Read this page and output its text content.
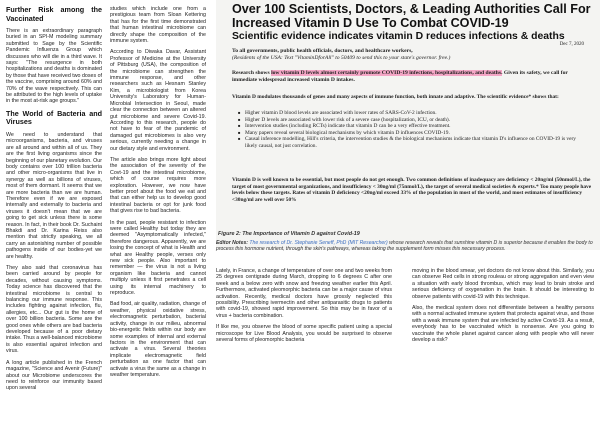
Further Risk among the Vaccinated

There is an extraordinary paragraph buried in an SPI-M modeling summary submitted to Sage by the Scientific Pandemic Influenza Group which discusses who will die in a third wave. It says: "The resurgence in both hospitalizations and deaths is dominated by those that have received two doses of the vaccine, comprising around 60% and 70% of the wave respectively. This can be attributed to the high levels of uptake in the most at-risk age groups."

The World of Bacteria and Viruses

We need to understand that microorganisms, bacteria, and viruses are all around and within all of us. They are the first living organisms since the beginning of our planetary evolution. Our body contains over 100 trillion bacteria and other micro-organisms that live in synergy as well as billions of viruses, most of them dormant. It seems that we are more bacteria than we are human. Therefore even if we are exposed internally and externally to bacteria and viruses it doesn't mean that we are going to get sick unless there is some reason. In fact, in their book Dr. Suchaint Bhakdi and Dr. Karina Reiss also mention that strictly speaking, we all carry an astonishing number of possible pathogens inside of our bodies-yet we are healthy.

They also said that coronavirus has been carried around by people for decades, without causing symptoms. Today science has discovered that the intestinal microbiome is central to balancing our immune response. This includes fighting against infection, flu, allergies, etc... Our gut is the home of over 100 billion bacteria. Some are the good ones while others are bad bacteria developed because of a poor dietary intake. Thus a well-balanced microbiome is also essential against infection and virus.

A long article published in the French magazine, "Science and Avenir (Future)" about our Microbiome underscores the need to reinforce our immunity based upon several

studies which include one from a prestigious team from Sloan Kettering that has for the first time demonstrated that human intestinal microbiome can directly shape the composition of the immune system.

According to Diwaka Davar, Assistant Professor of Medicine at the University of Pittsburg (USA), the composition of the microbiome can strengthen the immune response, and other researchers such as Hesnam Stanley Kim, a microbiologist from Korea University's Laboratory for Human-Microbial Intersection in Seoul, made clear the connection between an altered gut microbiome and severe Covid-19. According to this research, people do not have to fear of the pandemic of damaged gut microbiomes is also very serious, currently needing a change in our dietary style and environment.

The article also brings more light about the association of the severity of the Covt-19 and the intestinal microbiome, which of course requires more exploration. However, we now have better proof about the food we eat and that can either help us to develop good intestinal bacteria or opt for junk food that gives rise to bad bacteria.

In the past, people resistant to infection were called Healthy but today they are deemed "Asymptomatically infected," therefore dangerous. Apparently, we are losing the concept of what is Health and what are Healthy people, verses only new sick people. Also important to remember — the virus is not a living organism like bacteria and cannot multiply unless it first penetrates a cell using its internal machinery to reproduce.

Bad food, air quality, radiation, change of weather, physical oxidative stress, electromagnetic perturbation, bacterial activity, change in our milieu, abnormal bio-energetic fields within our body are some examples of internal and external factors in the environment that can activate a virus. Several theories implicate electromagnetic field perturbation as one factor that can activate a virus the same as a change in weather temperature.

Over 100 Scientists, Doctors, & Leading Authorities Call For Increased Vitamin D Use To Combat COVID-19
Scientific evidence indicates vitamin D reduces infections & deaths
Dec 7, 2020
To all governments, public health officials, doctors, and healthcare workers,
(Residents of the USA: Text "VitaminDforAll" to 50409 to send this to your state's governor. free.)
Research shows low vitamin D levels almost certainly promote COVID-19 infections, hospitalizations, and deaths. Given its safety, we call for immediate widespread increased vitamin D intakes.
Vitamin D modulates thousands of genes and many aspects of immune function, both innate and adaptive. The scientific evidence* shows that:
■ Higher vitamin D blood levels are associated with lower rates of SARS-CoV-2 infection.
■ Higher D levels are associated with lower risk of a severe case (hospitalization, ICU, or death).
■ Intervention studies (including RCTs) indicate that vitamin D can be a very effective treatment.
■ Many papers reveal several biological mechanisms by which vitamin D influences COVID-19.
■ Causal inference modelling, Hill's criteria, the intervention studies & the biological mechanisms indicate that vitamin D's influence on COVID-19 is very likely causal, not just correlation.
Vitamin D is well known to be essential, but most people do not get enough. Two common definitions of inadequacy are deficiency < 20ng/ml (50nmol/L), the target of most governmental organizations, and insufficiency < 30ng/ml (75nmol/L), the target of several medical societies & experts.* Too many people have levels below these targets. Rates of vitamin D deficiency <20ng/ml exceed 33% of the population in most of the world, and most estimates of insufficiency <30ng/ml are well over 50%
Figure 2: The Importance of Vitamin D against Covid-19
Editor Notes: The research of Dr. Stephanie Seneff, PhD (MIT Researcher) whose research reveals that sunshine vitamin D is superior because it enables the body to process this hormone nutrient, through the skin's pathways, whereas taking the supplement form misses this necessary process.

Lately, in France, a change of temperature of over one and two weeks from 25 degrees centigrade during March, dropping to 6 degrees C after one week and a below zero with snow and freezing weather earlier this April. Furthermore, activated pleomorphic bacteria can be a major cause of virus activation. Recently, medical doctors have grossly neglected this possibility. Prescribing ivermectin and other antiparasitic drugs to patients with covid-19, showed rapid improvement. So this may be in favor of a virus + bacteria combination.

If like me, you observe the blood of some specific patient using a special microscope for Live Blood Analysis, you would be surprised to observe several forms of pleomorphic bacteria

moving in the blood smear, yet doctors do not know about this. Similarly, you can observe Red cells in strong rouleau or strong aggregation and even view a situation with early blood thrombus, which may lead to brain stroke and serious deficiency of oxygenation in the brain. It should be interesting to observe patients with covid-19 with this technique.

Also, the medical system does not differentiate between a healthy persons with a normal activated immune system that protects against virus, and those with a weak immune system that are infected by active Covid-19. As a result, everybody has to be vaccinated which is nonsense. Are you going to vaccinate the whole planet against cancer along with people who will never develop a risk?
